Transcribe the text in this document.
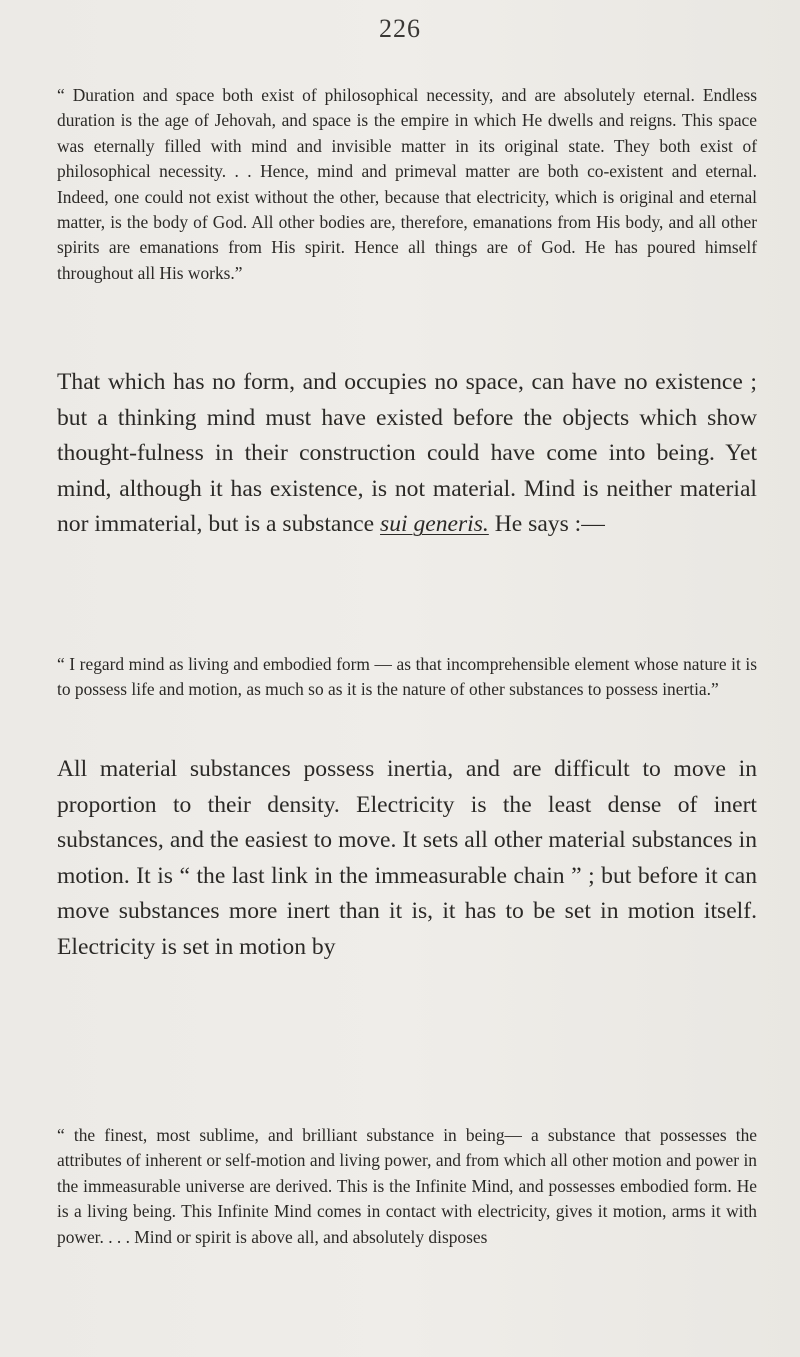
226

“ Duration and space both exist of philosophical necessity, and are absolutely eternal. Endless duration is the age of Jehovah, and space is the empire in which He dwells and reigns. This space was eternally filled with mind and invisible matter in its original state. They both exist of philosophical necessity. . . Hence, mind and primeval matter are both co-existent and eternal. Indeed, one could not exist without the other, because that electricity, which is original and eternal matter, is the body of God. All other bodies are, therefore, emanations from His body, and all other spirits are emanations from His spirit. Hence all things are of God. He has poured himself throughout all His works.”

That which has no form, and occupies no space, can have no existence ; but a thinking mind must have existed before the objects which show thought-fulness in their construction could have come into being. Yet mind, although it has existence, is not material. Mind is neither material nor immaterial, but is a substance sui generis. He says :—

“ I regard mind as living and embodied form — as that incomprehensible element whose nature it is to possess life and motion, as much so as it is the nature of other substances to possess inertia.”

All material substances possess inertia, and are difficult to move in proportion to their density. Electricity is the least dense of inert substances, and the easiest to move. It sets all other material substances in motion. It is “ the last link in the immeasurable chain ” ; but before it can move substances more inert than it is, it has to be set in motion itself. Electricity is set in motion by

“ the finest, most sublime, and brilliant substance in being— a substance that possesses the attributes of inherent or self-motion and living power, and from which all other motion and power in the immeasurable universe are derived. This is the Infinite Mind, and possesses embodied form. He is a living being. This Infinite Mind comes in contact with electricity, gives it motion, arms it with power. . . . Mind or spirit is above all, and absolutely disposes
